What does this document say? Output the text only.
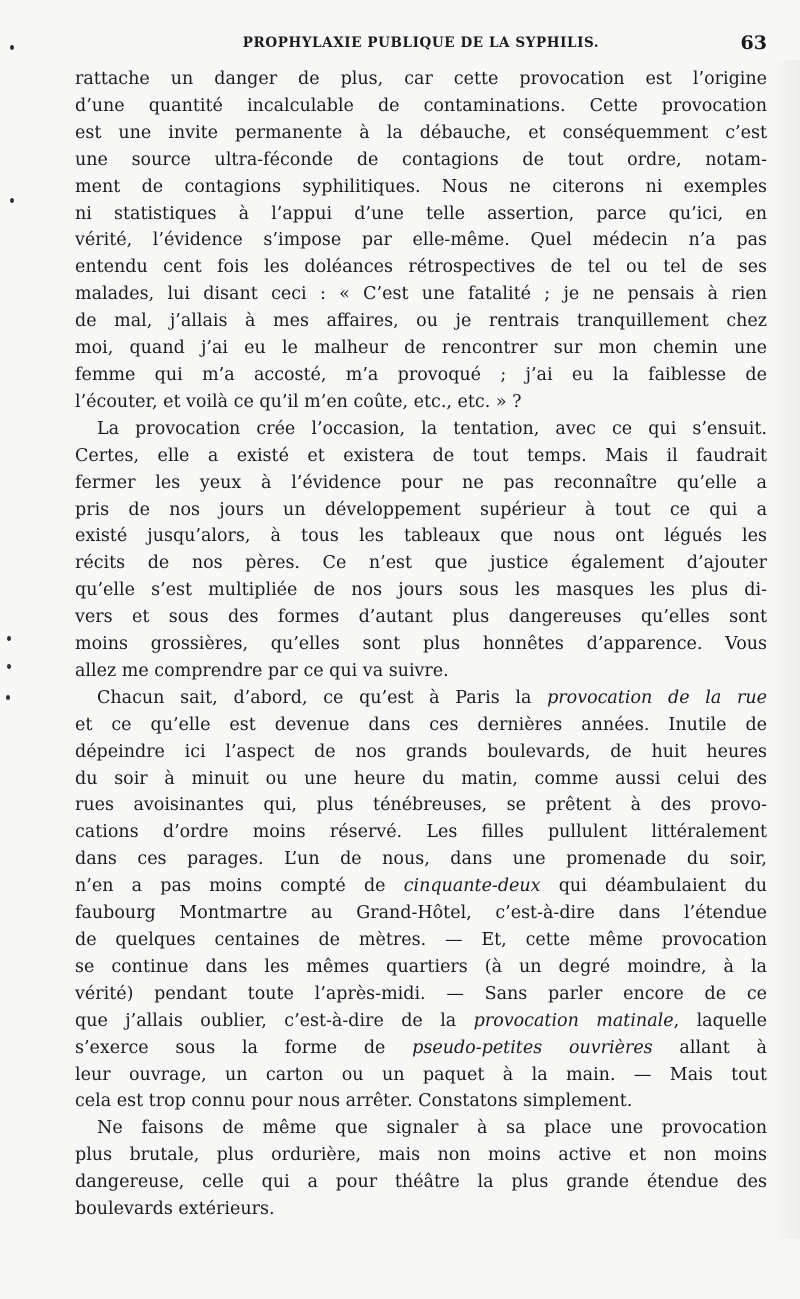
PROPHYLAXIE PUBLIQUE DE LA SYPHILIS.	63
rattache un danger de plus, car cette provocation est l’origine
d’une quantité incalculable de contaminations. Cette provocation
est une invite permanente à la débauche, et conséquemment c’est
une source ultra-féconde de contagions de tout ordre, notam-
ment de contagions syphilitiques. Nous ne citerons ni exemples
ni statistiques à l’appui d’une telle assertion, parce qu’ici, en
vérité, l’évidence s’impose par elle-même. Quel médecin n’a pas
entendu cent fois les doléances rétrospectives de tel ou tel de ses
malades, lui disant ceci : « C’est une fatalité ; je ne pensais à rien
de mal, j’allais à mes affaires, ou je rentrais tranquillement chez
moi, quand j’ai eu le malheur de rencontrer sur mon chemin une
femme qui m’a accosté, m’a provoqué ; j’ai eu la faiblesse de
l’écouter, et voilà ce qu’il m’en coûte, etc., etc. » ?
La provocation crée l’occasion, la tentation, avec ce qui s’ensuit.
Certes, elle a existé et existera de tout temps. Mais il faudrait
fermer les yeux à l’évidence pour ne pas reconnaître qu’elle a
pris de nos jours un développement supérieur à tout ce qui a
existé jusqu’alors, à tous les tableaux que nous ont légués les
récits de nos pères. Ce n’est que justice également d’ajouter
qu’elle s’est multipliée de nos jours sous les masques les plus di-
vers et sous des formes d’autant plus dangereuses qu’elles sont
moins grossières, qu’elles sont plus honnêtes d’apparence. Vous
allez me comprendre par ce qui va suivre.
Chacun sait, d’abord, ce qu’est à Paris la provocation de la rue
et ce qu’elle est devenue dans ces dernières années. Inutile de
dépeindre ici l’aspect de nos grands boulevards, de huit heures
du soir à minuit ou une heure du matin, comme aussi celui des
rues avoisinantes qui, plus ténébreuses, se prêtent à des provo-
cations d’ordre moins réservé. Les filles pullulent littéralement
dans ces parages. L’un de nous, dans une promenade du soir,
n’en a pas moins compté de cinquante-deux qui déambulaient du
faubourg Montmartre au Grand-Hôtel, c’est-à-dire dans l’étendue
de quelques centaines de mètres. — Et, cette même provocation
se continue dans les mêmes quartiers (à un degré moindre, à la
vérité) pendant toute l’après-midi. — Sans parler encore de ce
que j’allais oublier, c’est-à-dire de la provocation matinale, laquelle
s’exerce sous la forme de pseudo-petites ouvrières allant à
leur ouvrage, un carton ou un paquet à la main. — Mais tout
cela est trop connu pour nous arrêter. Constatons simplement.
Ne faisons de même que signaler à sa place une provocation
plus brutale, plus ordurière, mais non moins active et non moins
dangereuse, celle qui a pour théâtre la plus grande étendue des
boulevards extérieurs.
